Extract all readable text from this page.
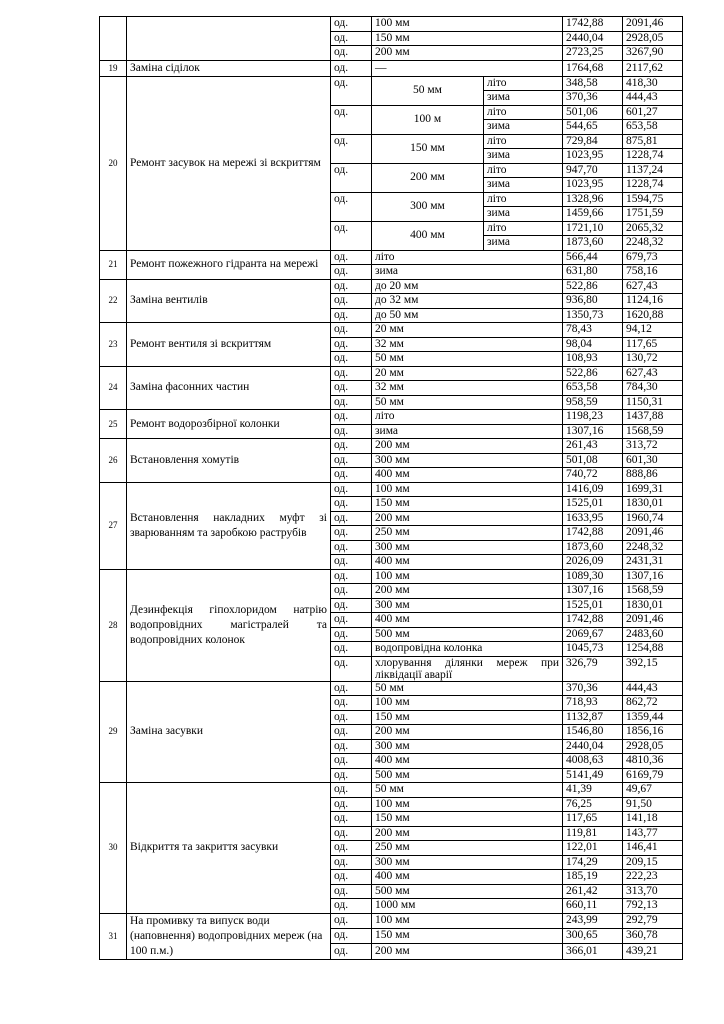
		од.	100 мм		1742,88	2091,46
		од.	150 мм		2440,04	2928,05
		од.	200 мм		2723,25	3267,90
19	Заміна сіділок	од.	—		1764,68	2117,62
20	Ремонт засувок на мережі зі вскриттям	од.	50 мм	літо	348,58	418,30
				зима	370,36	444,43
		од.	100 м	літо	501,06	601,27
				зима	544,65	653,58
		од.	150 мм	літо	729,84	875,81
				зима	1023,95	1228,74
		од.	200 мм	літо	947,70	1137,24
				зима	1023,95	1228,74
		од.	300 мм	літо	1328,96	1594,75
				зима	1459,66	1751,59
		од.	400 мм	літо	1721,10	2065,32
				зима	1873,60	2248,32
21	Ремонт пожежного гідранта на мережі	од.	літо		566,44	679,73
		од.	зима		631,80	758,16
22	Заміна вентилів	од.	до 20 мм		522,86	627,43
		од.	до 32 мм		936,80	1124,16
		од.	до 50 мм		1350,73	1620,88
23	Ремонт вентиля зі вскриттям	од.	20 мм		78,43	94,12
		од.	32 мм		98,04	117,65
		од.	50 мм		108,93	130,72
24	Заміна фасонних частин	од.	20 мм		522,86	627,43
		од.	32 мм		653,58	784,30
		од.	50 мм		958,59	1150,31
25	Ремонт водорозбірної колонки	од.	літо		1198,23	1437,88
		од.	зима		1307,16	1568,59
26	Встановлення хомутів	од.	200 мм		261,43	313,72
		од.	300 мм		501,08	601,30
		од.	400 мм		740,72	888,86
27	Встановлення накладних муфт зі зварюванням та заробкою раструбів	од.	100 мм		1416,09	1699,31
		од.	150 мм		1525,01	1830,01
		од.	200 мм		1633,95	1960,74
		од.	250 мм		1742,88	2091,46
		од.	300 мм		1873,60	2248,32
		од.	400 мм		2026,09	2431,31
28	Дезинфекція гіпохлоридом натрію водопровідних магістралей та водопровідних колонок	од.	100 мм		1089,30	1307,16
		од.	200 мм		1307,16	1568,59
		од.	300 мм		1525,01	1830,01
		од.	400 мм		1742,88	2091,46
		од.	500 мм		2069,67	2483,60
		од.	водопровідна колонка		1045,73	1254,88
		од.	хлорування ділянки мереж при ліквідації аварії		326,79	392,15
29	Заміна засувки	од.	50 мм		370,36	444,43
		од.	100 мм		718,93	862,72
		од.	150 мм		1132,87	1359,44
		од.	200 мм		1546,80	1856,16
		од.	300 мм		2440,04	2928,05
		од.	400 мм		4008,63	4810,36
		од.	500 мм		5141,49	6169,79
30	Відкриття та закриття засувки	од.	50 мм		41,39	49,67
		од.	100 мм		76,25	91,50
		од.	150 мм		117,65	141,18
		од.	200 мм		119,81	143,77
		од.	250 мм		122,01	146,41
		од.	300 мм		174,29	209,15
		од.	400 мм		185,19	222,23
		од.	500 мм		261,42	313,70
		од.	1000 мм		660,11	792,13
31	На промивку та випуск води (наповнення) водопровідних мереж (на 100 п.м.)	од.	100 мм		243,99	292,79
		од.	150 мм		300,65	360,78
		од.	200 мм		366,01	439,21
